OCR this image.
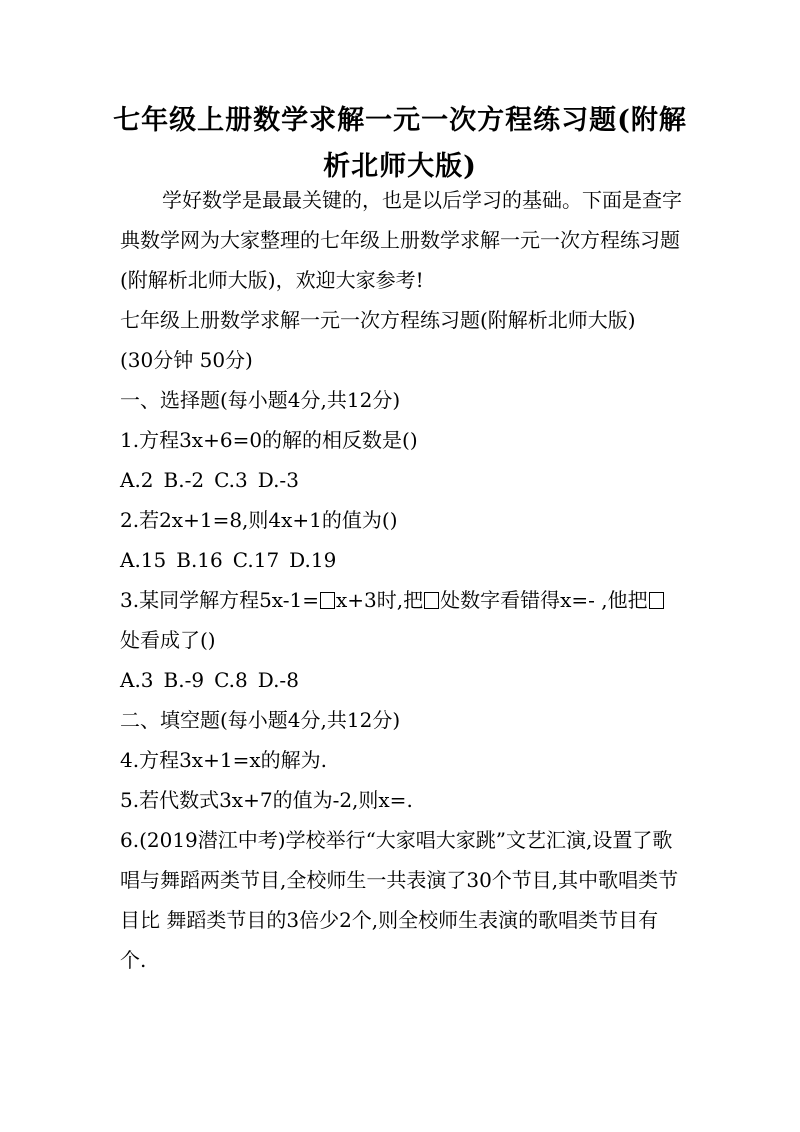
七年级上册数学求解一元一次方程练习题(附解析北师大版)

学好数学是最最关键的，也是以后学习的基础。下面是查字典数学网为大家整理的七年级上册数学求解一元一次方程练习题(附解析北师大版)，欢迎大家参考!

七年级上册数学求解一元一次方程练习题(附解析北师大版)

(30分钟 50分)

一、选择题(每小题4分,共12分)

1.方程3x+6=0的解的相反数是()

A.2 B.-2 C.3 D.-3

2.若2x+1=8,则4x+1的值为()

A.15 B.16 C.17 D.19

3.某同学解方程5x-1= x+3时,把 处数字看错得x=- ,他把处看成了()

A.3 B.-9 C.8 D.-8

二、填空题(每小题4分,共12分)

4.方程3x+1=x的解为.

5.若代数式3x+7的值为-2,则x=.

6.(2019潜江中考)学校举行“大家唱大家跳”文艺汇演,设置了歌唱与舞蹈两类节目,全校师生一共表演了30个节目,其中歌唱类节目比 舞蹈类节目的3倍少2个,则全校师生表演的歌唱类节目有个.
